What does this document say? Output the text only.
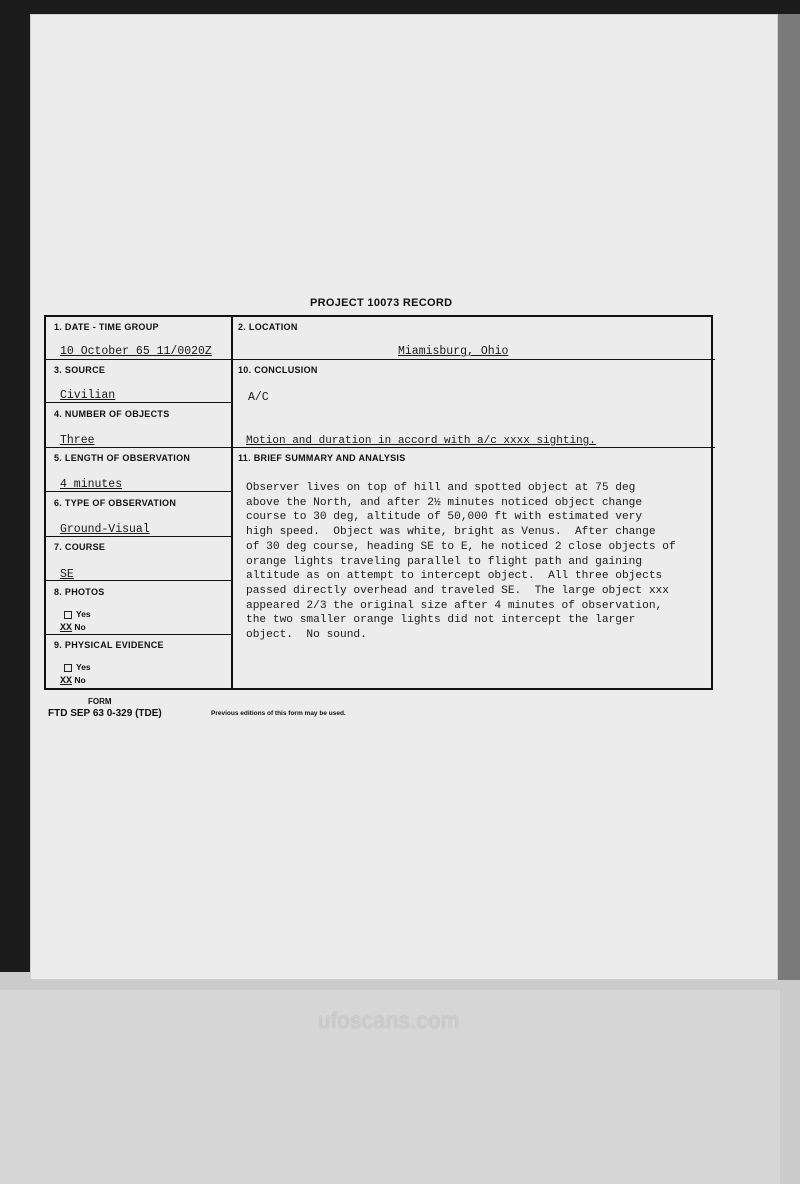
PROJECT 10073 RECORD
1. DATE - TIME GROUP
10 October 65 11/0020Z
2. LOCATION
Miamisburg, Ohio
3. SOURCE
Civilian
10. CONCLUSION
A/C
Motion and duration in accord with a/c xxxx sighting.
4. NUMBER OF OBJECTS
Three
5. LENGTH OF OBSERVATION
4 minutes
11. BRIEF SUMMARY AND ANALYSIS
Observer lives on top of hill and spotted object at 75 deg
above the North, and after 2½ minutes noticed object change
course to 30 deg, altitude of 50,000 ft with estimated very
high speed.  Object was white, bright as Venus.  After change
of 30 deg course, heading SE to E, he noticed 2 close objects of
orange lights traveling parallel to flight path and gaining
altitude as on attempt to intercept object.  All three objects
passed directly overhead and traveled SE.  The large object xxx
appeared 2/3 the original size after 4 minutes of observation,
the two smaller orange lights did not intercept the larger
object.  No sound.
6. TYPE OF OBSERVATION
Ground-Visual
7. COURSE
SE
8. PHOTOS
Yes
XX No
9. PHYSICAL EVIDENCE
Yes
XX No
FORM
FTD SEP 63 0-329 (TDE)	Previous editions of this form may be used.
ufoscans.com
